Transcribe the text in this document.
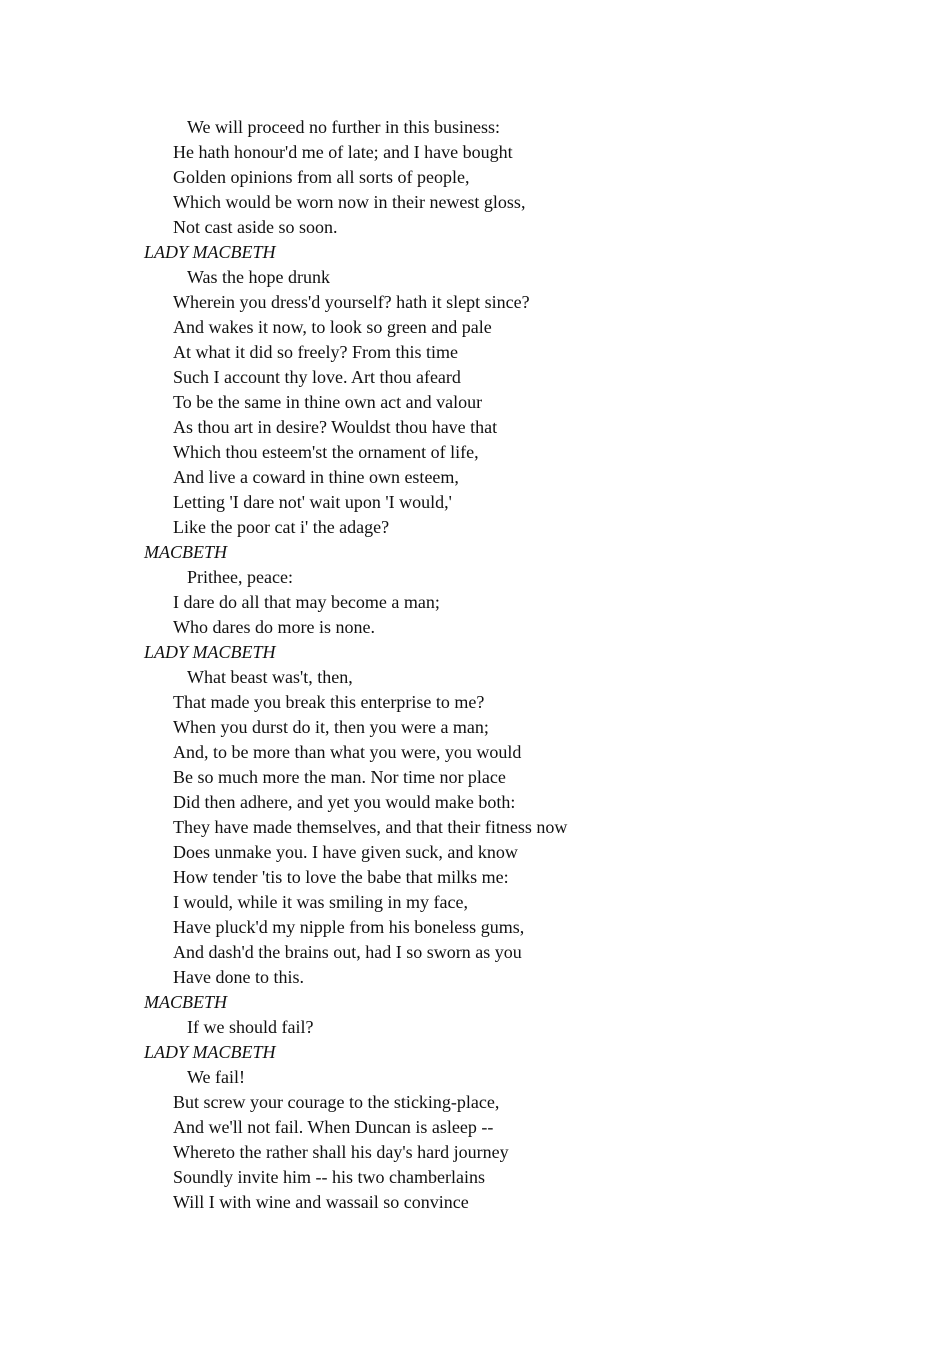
We will proceed no further in this business:
He hath honour'd me of late; and I have bought
Golden opinions from all sorts of people,
Which would be worn now in their newest gloss,
Not cast aside so soon.
LADY MACBETH
Was the hope drunk
Wherein you dress'd yourself? hath it slept since?
And wakes it now, to look so green and pale
At what it did so freely? From this time
Such I account thy love. Art thou afeard
To be the same in thine own act and valour
As thou art in desire? Wouldst thou have that
Which thou esteem'st the ornament of life,
And live a coward in thine own esteem,
Letting 'I dare not' wait upon 'I would,'
Like the poor cat i' the adage?
MACBETH
Prithee, peace:
I dare do all that may become a man;
Who dares do more is none.
LADY MACBETH
What beast was't, then,
That made you break this enterprise to me?
When you durst do it, then you were a man;
And, to be more than what you were, you would
Be so much more the man. Nor time nor place
Did then adhere, and yet you would make both:
They have made themselves, and that their fitness now
Does unmake you. I have given suck, and know
How tender 'tis to love the babe that milks me:
I would, while it was smiling in my face,
Have pluck'd my nipple from his boneless gums,
And dash'd the brains out, had I so sworn as you
Have done to this.
MACBETH
If we should fail?
LADY MACBETH
We fail!
But screw your courage to the sticking-place,
And we'll not fail. When Duncan is asleep --
Whereto the rather shall his day's hard journey
Soundly invite him -- his two chamberlains
Will I with wine and wassail so convince
